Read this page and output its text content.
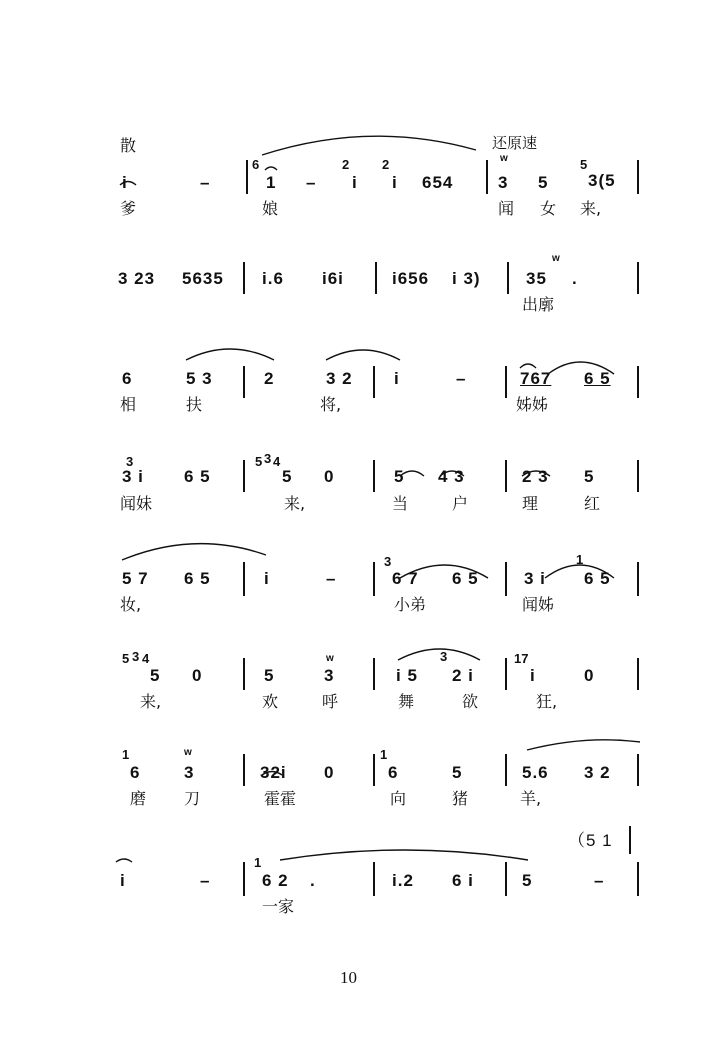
散	还原速
6	2	2	5
w
w
3	5 3 4
3	1
5 3 4	w	3	17
1	w	1
1
i	–	1 – i i 654	3 5 3(5
爹	娘	闻 女 来,
3 23 5635 i.6 i6i	i656 i 3)	35 .
出廓
6	5 3	2	3 2 i	–	767 6 5
相	扶	将,	姊姊
3 i 6 5	5 0	5 4 3	2 3 5
闻妹	来,	当	户	理	红
5 7 6 5	i	–	6 7 6 5	3 i 6 5
妆,	小弟	闻姊
5 0	5	3	i 5 2 i	i	0
来,	欢	呼	舞	欲	狂,
6	3	32i 0	6	5	5.6 3 2
磨 刀	霍霍	向	猪	羊,
（5 1
i	–	6 2 .	i.2 6 i	5	–
一家
10
